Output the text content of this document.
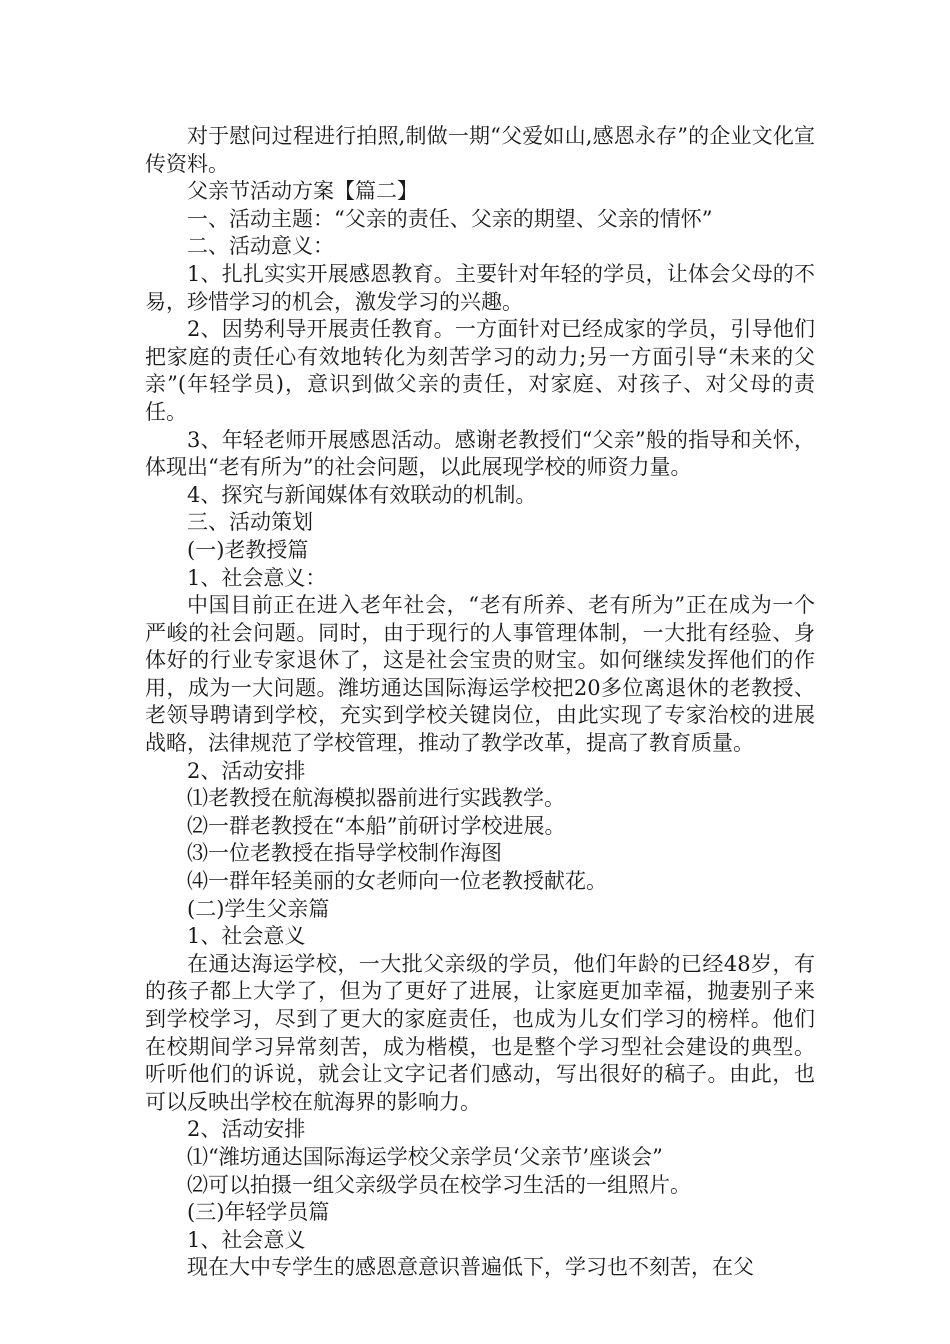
对于慰问过程进行拍照,制做一期“父爱如山,感恩永存”的企业文化宣传资料。

父亲节活动方案【篇二】

一、活动主题：“父亲的责任、父亲的期望、父亲的情怀”

二、活动意义：

1、扎扎实实开展感恩教育。主要针对年轻的学员，让体会父母的不易，珍惜学习的机会，激发学习的兴趣。

2、因势利导开展责任教育。一方面针对已经成家的学员，引导他们把家庭的责任心有效地转化为刻苦学习的动力;另一方面引导“未来的父亲”(年轻学员)，意识到做父亲的责任，对家庭、对孩子、对父母的责任。

3、年轻老师开展感恩活动。感谢老教授们“父亲”般的指导和关怀，体现出“老有所为”的社会问题，以此展现学校的师资力量。

4、探究与新闻媒体有效联动的机制。

三、活动策划

(一)老教授篇

1、社会意义：

中国目前正在进入老年社会，“老有所养、老有所为”正在成为一个严峻的社会问题。同时，由于现行的人事管理体制，一大批有经验、身体好的行业专家退休了，这是社会宝贵的财宝。如何继续发挥他们的作用，成为一大问题。潍坊通达国际海运学校把20多位离退休的老教授、老领导聘请到学校，充实到学校关键岗位，由此实现了专家治校的进展战略，法律规范了学校管理，推动了教学改革，提高了教育质量。

2、活动安排

⑴老教授在航海模拟器前进行实践教学。

⑵一群老教授在“本船”前研讨学校进展。

⑶一位老教授在指导学校制作海图

⑷一群年轻美丽的女老师向一位老教授献花。

(二)学生父亲篇

1、社会意义

在通达海运学校，一大批父亲级的学员，他们年龄的已经48岁，有的孩子都上大学了，但为了更好了进展，让家庭更加幸福，抛妻别子来到学校学习，尽到了更大的家庭责任，也成为儿女们学习的榜样。他们在校期间学习异常刻苦，成为楷模，也是整个学习型社会建设的典型。听听他们的诉说，就会让文字记者们感动，写出很好的稿子。由此，也可以反映出学校在航海界的影响力。

2、活动安排

⑴“潍坊通达国际海运学校父亲学员‘父亲节’座谈会”

⑵可以拍摄一组父亲级学员在校学习生活的一组照片。

(三)年轻学员篇

1、社会意义

现在大中专学生的感恩意意识普遍低下，学习也不刻苦，在父
